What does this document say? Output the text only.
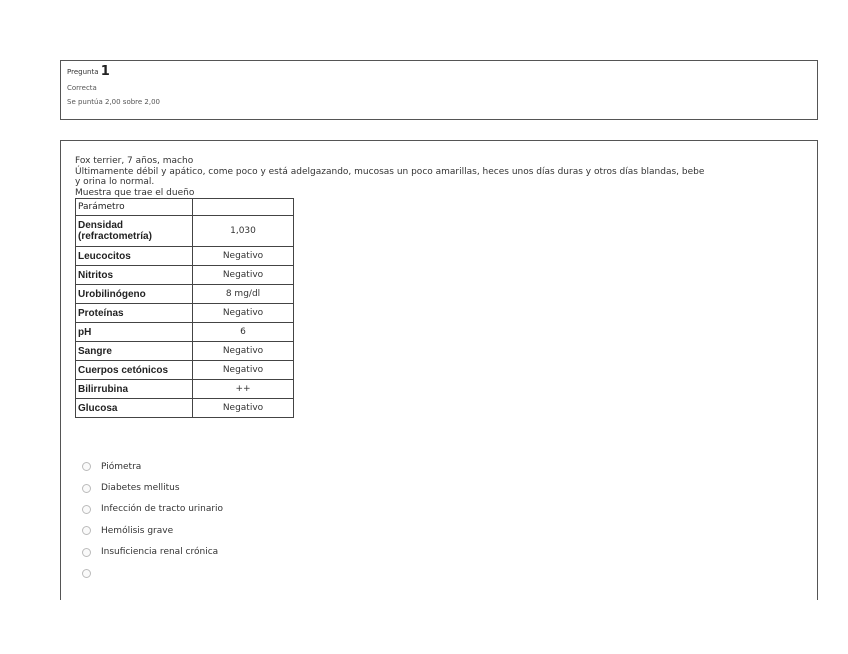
Pregunta 1
Correcta
Se puntúa 2,00 sobre 2,00
Fox terrier, 7 años, macho
Últimamente débil y apático, come poco y está adelgazando, mucosas un poco amarillas, heces unos días duras y otros días blandas, bebe
y orina lo normal.
Muestra que trae el dueño
Parámetro	
Densidad (refractometría)	1,030
Leucocitos	Negativo
Nitritos	Negativo
Urobilinógeno	8 mg/dl
Proteínas	Negativo
pH	6
Sangre	Negativo
Cuerpos cetónicos	Negativo
Bilirrubina	++
Glucosa	Negativo
Piómetra
Diabetes mellitus
Infección de tracto urinario
Hemólisis grave
Insuficiencia renal crónica
